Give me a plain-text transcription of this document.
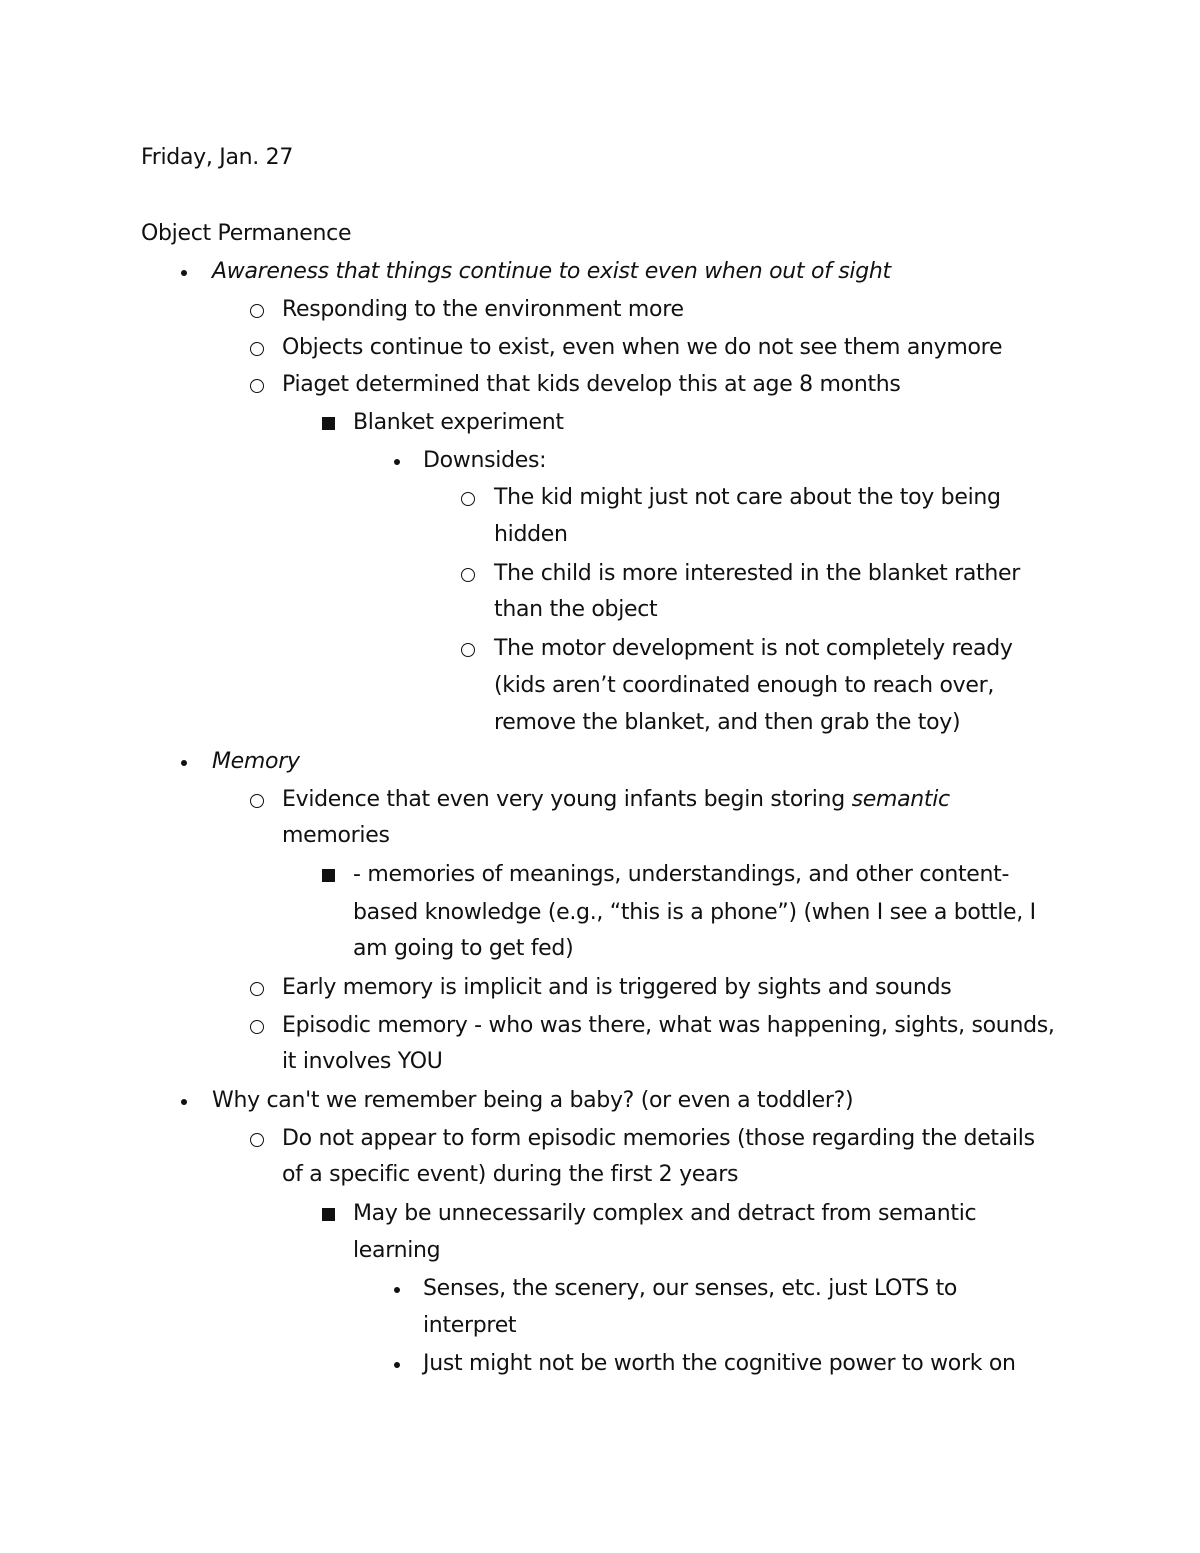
Friday, Jan. 27
Object Permanence
Awareness that things continue to exist even when out of sight
Responding to the environment more
Objects continue to exist, even when we do not see them anymore
Piaget determined that kids develop this at age 8 months
Blanket experiment
Downsides:
The kid might just not care about the toy being
hidden
The child is more interested in the blanket rather
than the object
The motor development is not completely ready
(kids aren’t coordinated enough to reach over,
remove the blanket, and then grab the toy)
Memory
Evidence that even very young infants begin storing semantic
memories
- memories of meanings, understandings, and other content-
based knowledge (e.g., “this is a phone”) (when I see a bottle, I
am going to get fed)
Early memory is implicit and is triggered by sights and sounds
Episodic memory - who was there, what was happening, sights, sounds,
it involves YOU
Why can't we remember being a baby? (or even a toddler?)
Do not appear to form episodic memories (those regarding the details
of a specific event) during the first 2 years
May be unnecessarily complex and detract from semantic
learning
Senses, the scenery, our senses, etc. just LOTS to
interpret
Just might not be worth the cognitive power to work on
